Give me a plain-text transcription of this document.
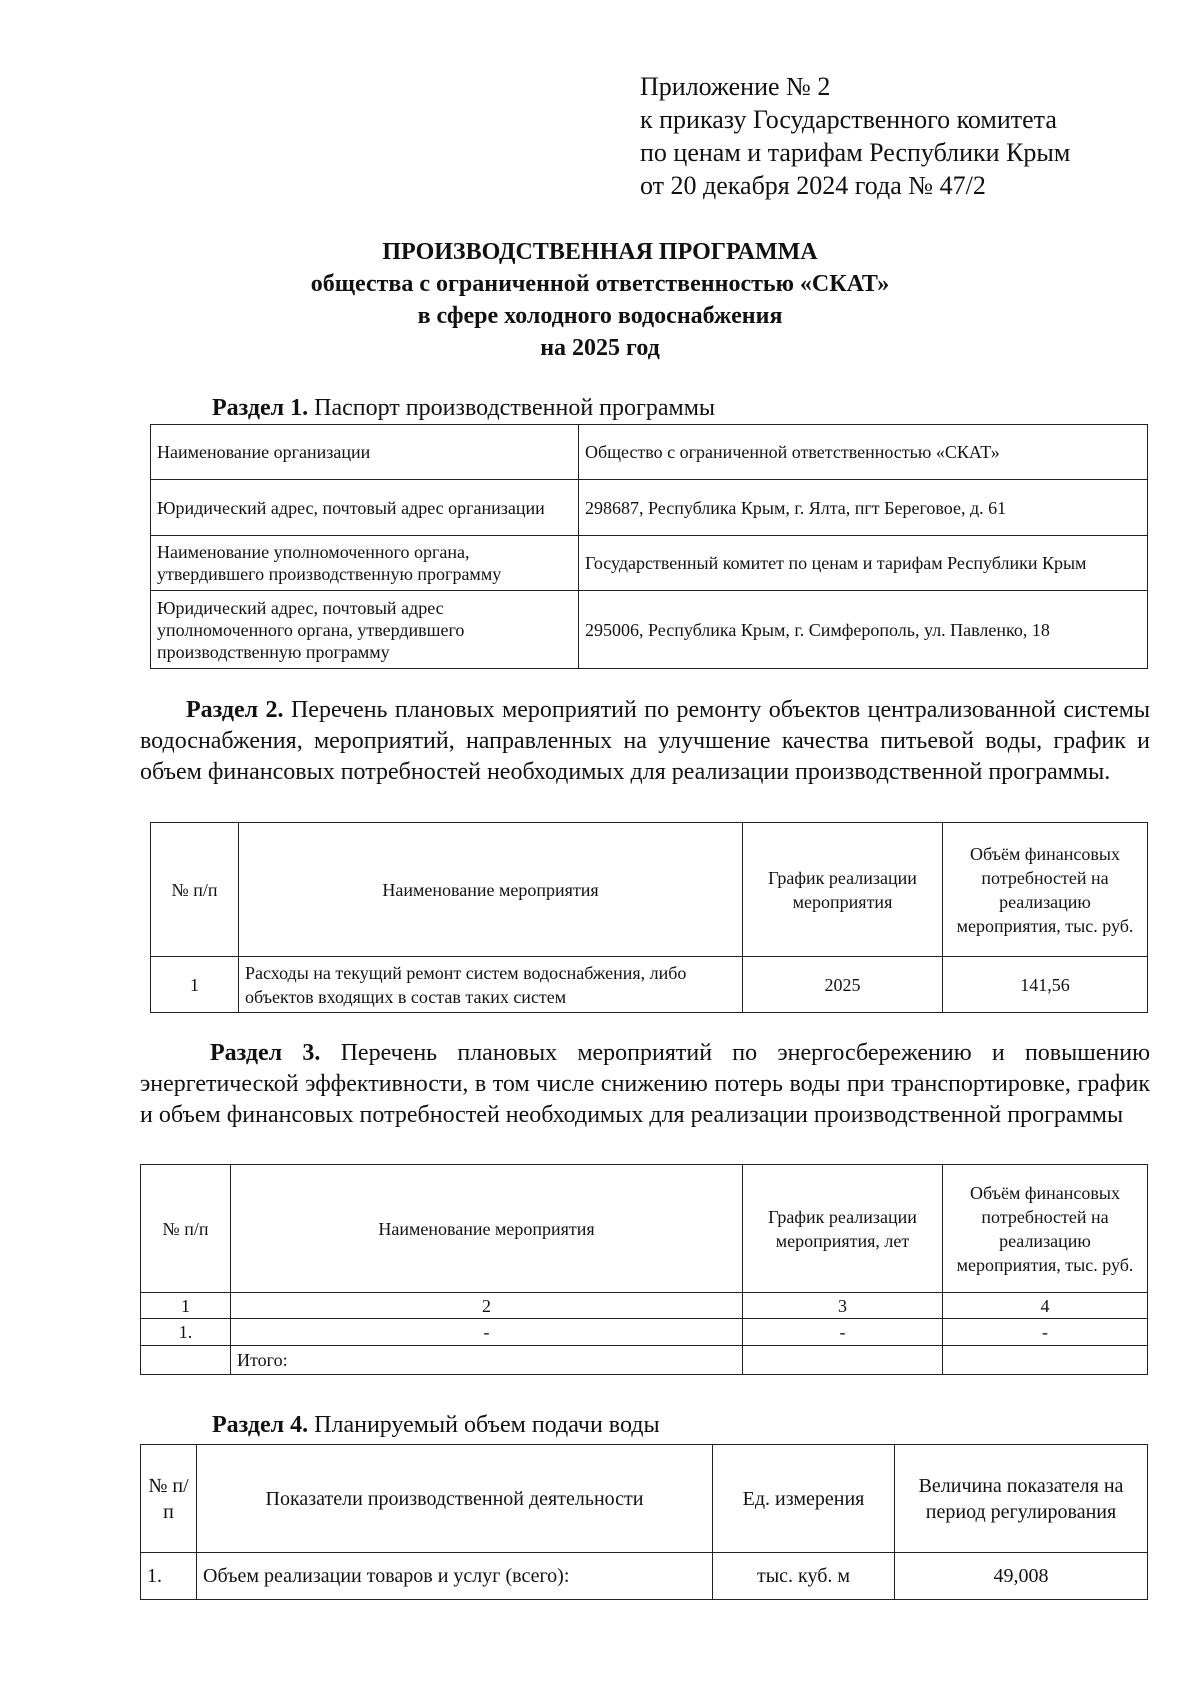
Приложение № 2
к приказу Государственного комитета
по ценам и тарифам Республики Крым
от 20 декабря 2024 года № 47/2
ПРОИЗВОДСТВЕННАЯ ПРОГРАММА
общества с ограниченной ответственностью «СКАТ»
в сфере холодного водоснабжения
на 2025 год
Раздел 1. Паспорт производственной программы
Наименование организации	Общество с ограниченной ответственностью «СКАТ»
Юридический адрес, почтовый адрес организации	298687, Республика Крым, г. Ялта, пгт Береговое, д. 61
Наименование уполномоченного органа, утвердившего производственную программу	Государственный комитет по ценам и тарифам Республики Крым
Юридический адрес, почтовый адрес уполномоченного органа, утвердившего производственную программу	295006, Республика Крым, г. Симферополь, ул. Павленко, 18
Раздел 2. Перечень плановых мероприятий по ремонту объектов централизованной системы водоснабжения, мероприятий, направленных на улучшение качества питьевой воды, график и объем финансовых потребностей необходимых для реализации производственной программы.
№ п/п	Наименование мероприятия	График реализации мероприятия	Объём финансовых потребностей на реализацию мероприятия, тыс. руб.
1	Расходы на текущий ремонт систем водоснабжения, либо объектов входящих в состав таких систем	2025	141,56
Раздел 3. Перечень плановых мероприятий по энергосбережению и повышению энергетической эффективности, в том числе снижению потерь воды при транспортировке, график и объем финансовых потребностей необходимых для реализации производственной программы
№ п/п	Наименование мероприятия	График реализации мероприятия, лет	Объём финансовых потребностей на реализацию мероприятия, тыс. руб.
1	2	3	4
1.	-	-	-
	Итого:		
Раздел 4. Планируемый объем подачи воды
№ п/п	Показатели производственной деятельности	Ед. измерения	Величина показателя на период регулирования
1.	Объем реализации товаров и услуг (всего):	тыс. куб. м	49,008
